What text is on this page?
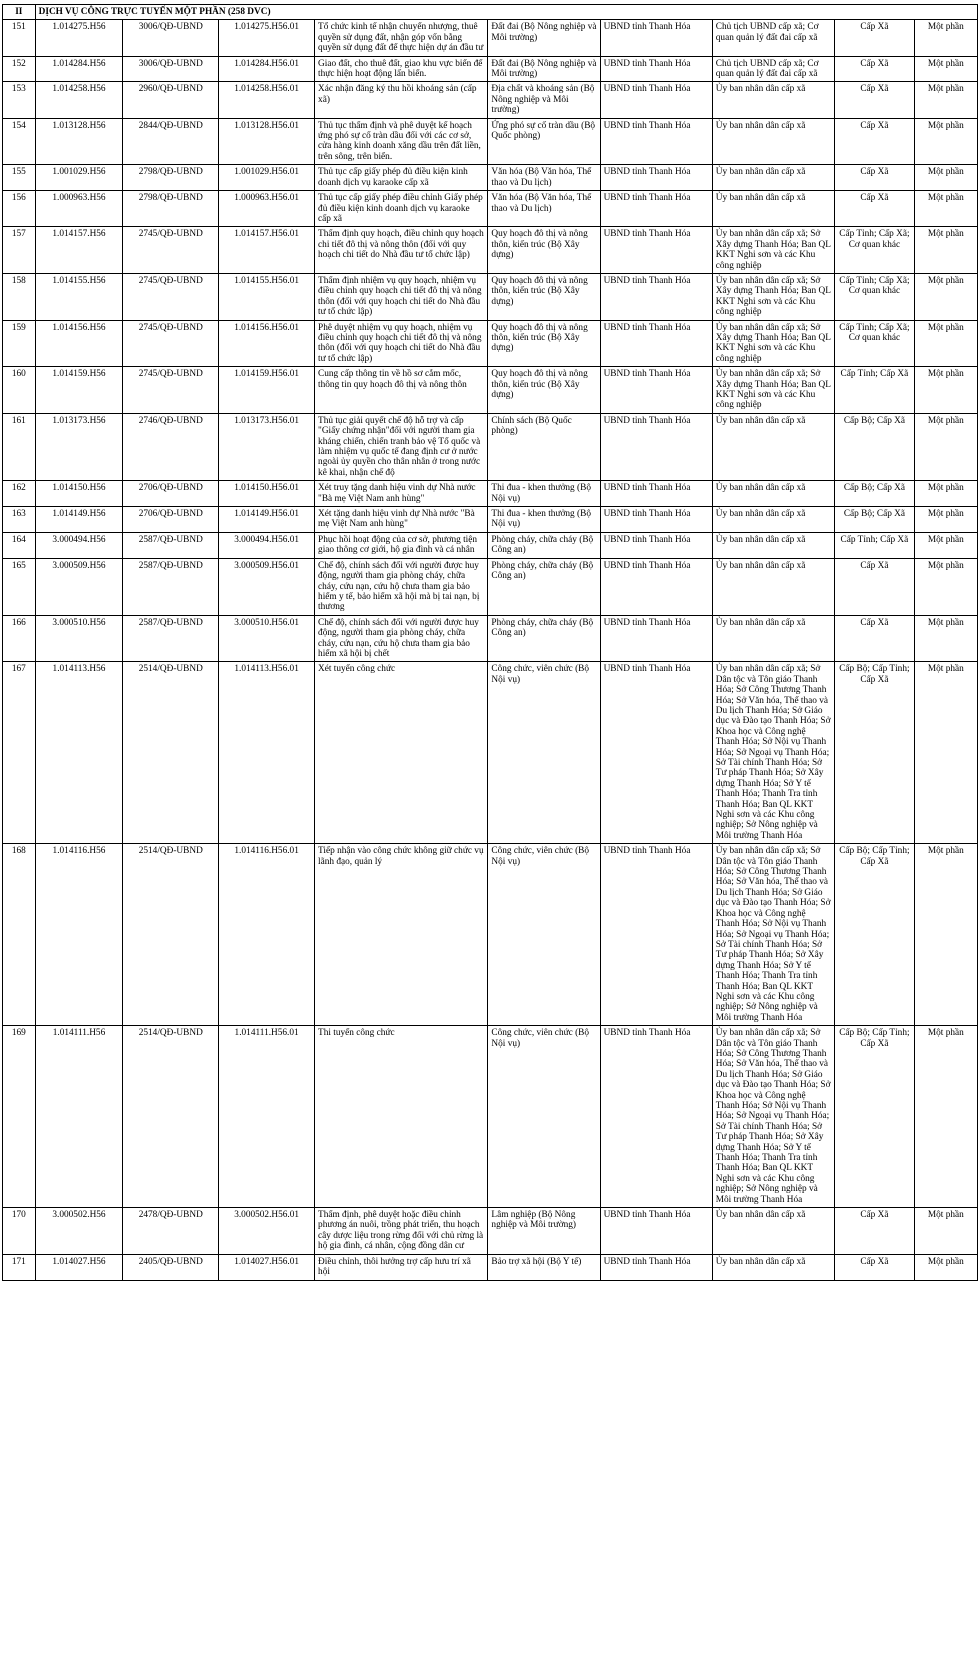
II	DỊCH VỤ CÔNG TRỰC TUYẾN MỘT PHẦN (258 DVC)								
151	1.014275.H56	3006/QĐ-UBND	1.014275.H56.01	Tổ chức kinh tế nhận chuyển nhượng, thuê quyền sử dụng đất, nhận góp vốn bằng quyền sử dụng đất để thực hiện dự án đầu tư	Đất đai (Bộ Nông nghiệp và Môi trường)	UBND tỉnh Thanh Hóa	Chủ tịch UBND cấp xã; Cơ quan quản lý đất đai cấp xã	Cấp Xã	Một phần
152	1.014284.H56	3006/QĐ-UBND	1.014284.H56.01	Giao đất, cho thuê đất, giao khu vực biển để thực hiện hoạt động lấn biển.	Đất đai (Bộ Nông nghiệp và Môi trường)	UBND tỉnh Thanh Hóa	Chủ tịch UBND cấp xã; Cơ quan quản lý đất đai cấp xã	Cấp Xã	Một phần
153	1.014258.H56	2960/QĐ-UBND	1.014258.H56.01	Xác nhận đăng ký thu hồi khoáng sản (cấp xã)	Địa chất và khoáng sản (Bộ Nông nghiệp và Môi trường)	UBND tỉnh Thanh Hóa	Ủy ban nhân dân cấp xã	Cấp Xã	Một phần
154	1.013128.H56	2844/QĐ-UBND	1.013128.H56.01	Thủ tục thẩm định và phê duyệt kế hoạch ứng phó sự cố tràn dầu đối với các cơ sở, cửa hàng kinh doanh xăng dầu trên đất liền, trên sông, trên biển.	Ứng phó sự cố tràn dầu (Bộ Quốc phòng)	UBND tỉnh Thanh Hóa	Ủy ban nhân dân cấp xã	Cấp Xã	Một phần
155	1.001029.H56	2798/QĐ-UBND	1.001029.H56.01	Thủ tục cấp giấy phép đủ điều kiện kinh doanh dịch vụ karaoke cấp xã	Văn hóa (Bộ Văn hóa, Thể thao và Du lịch)	UBND tỉnh Thanh Hóa	Ủy ban nhân dân cấp xã	Cấp Xã	Một phần
156	1.000963.H56	2798/QĐ-UBND	1.000963.H56.01	Thủ tục cấp giấy phép điều chỉnh Giấy phép đủ điều kiện kinh doanh dịch vụ karaoke cấp xã	Văn hóa (Bộ Văn hóa, Thể thao và Du lịch)	UBND tỉnh Thanh Hóa	Ủy ban nhân dân cấp xã	Cấp Xã	Một phần
157	1.014157.H56	2745/QĐ-UBND	1.014157.H56.01	Thẩm định quy hoạch, điều chỉnh quy hoạch chi tiết đô thị và nông thôn (đối với quy hoạch chi tiết do Nhà đầu tư tổ chức lập)	Quy hoạch đô thị và nông thôn, kiến trúc (Bộ Xây dựng)	UBND tỉnh Thanh Hóa	Ủy ban nhân dân cấp xã; Sở Xây dựng Thanh Hóa; Ban QL KKT Nghi sơn và các Khu công nghiệp	Cấp Tỉnh; Cấp Xã; Cơ quan khác	Một phần
158	1.014155.H56	2745/QĐ-UBND	1.014155.H56.01	Thẩm định nhiệm vụ quy hoạch, nhiệm vụ điều chỉnh quy hoạch chi tiết đô thị và nông thôn (đối với quy hoạch chi tiết do Nhà đầu tư tổ chức lập)	Quy hoạch đô thị và nông thôn, kiến trúc (Bộ Xây dựng)	UBND tỉnh Thanh Hóa	Ủy ban nhân dân cấp xã; Sở Xây dựng Thanh Hóa; Ban QL KKT Nghi sơn và các Khu công nghiệp	Cấp Tỉnh; Cấp Xã; Cơ quan khác	Một phần
159	1.014156.H56	2745/QĐ-UBND	1.014156.H56.01	Phê duyệt nhiệm vụ quy hoạch, nhiệm vụ điều chỉnh quy hoạch chi tiết đô thị và nông thôn (đối với quy hoạch chi tiết do Nhà đầu tư tổ chức lập)	Quy hoạch đô thị và nông thôn, kiến trúc (Bộ Xây dựng)	UBND tỉnh Thanh Hóa	Ủy ban nhân dân cấp xã; Sở Xây dựng Thanh Hóa; Ban QL KKT Nghi sơn và các Khu công nghiệp	Cấp Tỉnh; Cấp Xã; Cơ quan khác	Một phần
160	1.014159.H56	2745/QĐ-UBND	1.014159.H56.01	Cung cấp thông tin về hồ sơ cắm mốc, thông tin quy hoạch đô thị và nông thôn	Quy hoạch đô thị và nông thôn, kiến trúc (Bộ Xây dựng)	UBND tỉnh Thanh Hóa	Ủy ban nhân dân cấp xã; Sở Xây dựng Thanh Hóa; Ban QL KKT Nghi sơn và các Khu công nghiệp	Cấp Tỉnh; Cấp Xã	Một phần
161	1.013173.H56	2746/QĐ-UBND	1.013173.H56.01	Thủ tục giải quyết chế độ hỗ trợ và cấp "Giấy chứng nhận"đối với người tham gia kháng chiến, chiến tranh bảo vệ Tổ quốc và làm nhiệm vụ quốc tế đang định cư ở nước ngoài ủy quyền cho thân nhân ở trong nước kê khai, nhận chế độ	Chính sách (Bộ Quốc phòng)	UBND tỉnh Thanh Hóa	Ủy ban nhân dân cấp xã	Cấp Bộ; Cấp Xã	Một phần
162	1.014150.H56	2706/QĐ-UBND	1.014150.H56.01	Xét truy tặng danh hiệu vinh dự Nhà nước "Bà mẹ Việt Nam anh hùng"	Thi đua - khen thưởng (Bộ Nội vụ)	UBND tỉnh Thanh Hóa	Ủy ban nhân dân cấp xã	Cấp Bộ; Cấp Xã	Một phần
163	1.014149.H56	2706/QĐ-UBND	1.014149.H56.01	Xét tặng danh hiệu vinh dự Nhà nước "Bà mẹ Việt Nam anh hùng"	Thi đua - khen thưởng (Bộ Nội vụ)	UBND tỉnh Thanh Hóa	Ủy ban nhân dân cấp xã	Cấp Bộ; Cấp Xã	Một phần
164	3.000494.H56	2587/QĐ-UBND	3.000494.H56.01	Phục hồi hoạt động của cơ sở, phương tiện giao thông cơ giới, hộ gia đình và cá nhân	Phòng cháy, chữa cháy (Bộ Công an)	UBND tỉnh Thanh Hóa	Ủy ban nhân dân cấp xã	Cấp Tỉnh; Cấp Xã	Một phần
165	3.000509.H56	2587/QĐ-UBND	3.000509.H56.01	Chế độ, chính sách đối với người được huy động, người tham gia phòng cháy, chữa cháy, cứu nạn, cứu hộ chưa tham gia bảo hiểm y tế, bảo hiểm xã hội mà bị tai nạn, bị thương	Phòng cháy, chữa cháy (Bộ Công an)	UBND tỉnh Thanh Hóa	Ủy ban nhân dân cấp xã	Cấp Xã	Một phần
166	3.000510.H56	2587/QĐ-UBND	3.000510.H56.01	Chế độ, chính sách đối với người được huy động, người tham gia phòng cháy, chữa cháy, cứu nạn, cứu hộ chưa tham gia bảo hiểm xã hội bị chết	Phòng cháy, chữa cháy (Bộ Công an)	UBND tỉnh Thanh Hóa	Ủy ban nhân dân cấp xã	Cấp Xã	Một phần
167	1.014113.H56	2514/QĐ-UBND	1.014113.H56.01	Xét tuyển công chức	Công chức, viên chức (Bộ Nội vụ)	UBND tỉnh Thanh Hóa	Ủy ban nhân dân cấp xã; Sở Dân tộc và Tôn giáo Thanh Hóa; Sở Công Thương Thanh Hóa; Sở Văn hóa, Thể thao và Du lịch Thanh Hóa; Sở Giáo dục và Đào tạo Thanh Hóa; Sở Khoa học và Công nghệ Thanh Hóa; Sở Nội vụ Thanh Hóa; Sở Ngoại vụ Thanh Hóa; Sở Tài chính Thanh Hóa; Sở Tư pháp Thanh Hóa; Sở Xây dựng Thanh Hóa; Sở Y tế Thanh Hóa; Thanh Tra tỉnh Thanh Hóa; Ban QL KKT Nghi sơn và các Khu công nghiệp; Sở Nông nghiệp và Môi trường Thanh Hóa	Cấp Bộ; Cấp Tỉnh; Cấp Xã	Một phần
168	1.014116.H56	2514/QĐ-UBND	1.014116.H56.01	Tiếp nhận vào công chức không giữ chức vụ lãnh đạo, quản lý	Công chức, viên chức (Bộ Nội vụ)	UBND tỉnh Thanh Hóa	Ủy ban nhân dân cấp xã; Sở Dân tộc và Tôn giáo Thanh Hóa; Sở Công Thương Thanh Hóa; Sở Văn hóa, Thể thao và Du lịch Thanh Hóa; Sở Giáo dục và Đào tạo Thanh Hóa; Sở Khoa học và Công nghệ Thanh Hóa; Sở Nội vụ Thanh Hóa; Sở Ngoại vụ Thanh Hóa; Sở Tài chính Thanh Hóa; Sở Tư pháp Thanh Hóa; Sở Xây dựng Thanh Hóa; Sở Y tế Thanh Hóa; Thanh Tra tỉnh Thanh Hóa; Ban QL KKT Nghi sơn và các Khu công nghiệp; Sở Nông nghiệp và Môi trường Thanh Hóa	Cấp Bộ; Cấp Tỉnh; Cấp Xã	Một phần
169	1.014111.H56	2514/QĐ-UBND	1.014111.H56.01	Thi tuyển công chức	Công chức, viên chức (Bộ Nội vụ)	UBND tỉnh Thanh Hóa	Ủy ban nhân dân cấp xã; Sở Dân tộc và Tôn giáo Thanh Hóa; Sở Công Thương Thanh Hóa; Sở Văn hóa, Thể thao và Du lịch Thanh Hóa; Sở Giáo dục và Đào tạo Thanh Hóa; Sở Khoa học và Công nghệ Thanh Hóa; Sở Nội vụ Thanh Hóa; Sở Ngoại vụ Thanh Hóa; Sở Tài chính Thanh Hóa; Sở Tư pháp Thanh Hóa; Sở Xây dựng Thanh Hóa; Sở Y tế Thanh Hóa; Thanh Tra tỉnh Thanh Hóa; Ban QL KKT Nghi sơn và các Khu công nghiệp; Sở Nông nghiệp và Môi trường Thanh Hóa	Cấp Bộ; Cấp Tỉnh; Cấp Xã	Một phần
170	3.000502.H56	2478/QĐ-UBND	3.000502.H56.01	Thẩm định, phê duyệt hoặc điều chỉnh phương án nuôi, trồng phát triển, thu hoạch cây dược liệu trong rừng đối với chủ rừng là hộ gia đình, cá nhân, cộng đồng dân cư	Lâm nghiệp (Bộ Nông nghiệp và Môi trường)	UBND tỉnh Thanh Hóa	Ủy ban nhân dân cấp xã	Cấp Xã	Một phần
171	1.014027.H56	2405/QĐ-UBND	1.014027.H56.01	Điều chỉnh, thôi hưởng trợ cấp hưu trí xã hội	Bảo trợ xã hội (Bộ Y tế)	UBND tỉnh Thanh Hóa	Ủy ban nhân dân cấp xã	Cấp Xã	Một phần
